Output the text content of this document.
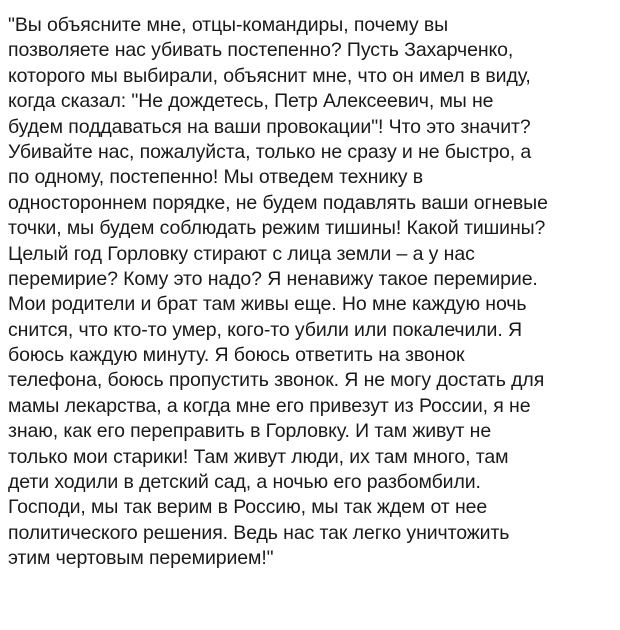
"Вы объясните мне, отцы-командиры, почему вы
позволяете нас убивать постепенно? Пусть Захарченко,
которого мы выбирали, объяснит мне, что он имел в виду,
когда сказал: "Не дождетесь, Петр Алексеевич, мы не
будем поддаваться на ваши провокации"! Что это значит?
Убивайте нас, пожалуйста, только не сразу и не быстро, а
по одному, постепенно! Мы отведем технику в
одностороннем порядке, не будем подавлять ваши огневые
точки, мы будем соблюдать режим тишины! Какой тишины?
Целый год Горловку стирают с лица земли – а у нас
перемирие? Кому это надо? Я ненавижу такое перемирие.
Мои родители и брат там живы еще. Но мне каждую ночь
снится, что кто-то умер, кого-то убили или покалечили. Я
боюсь каждую минуту. Я боюсь ответить на звонок
телефона, боюсь пропустить звонок. Я не могу достать для
мамы лекарства, а когда мне его привезут из России, я не
знаю, как его переправить в Горловку. И там живут не
только мои старики! Там живут люди, их там много, там
дети ходили в детский сад, а ночью его разбомбили.
Господи, мы так верим в Россию, мы так ждем от нее
политического решения. Ведь нас так легко уничтожить
этим чертовым перемирием!"
